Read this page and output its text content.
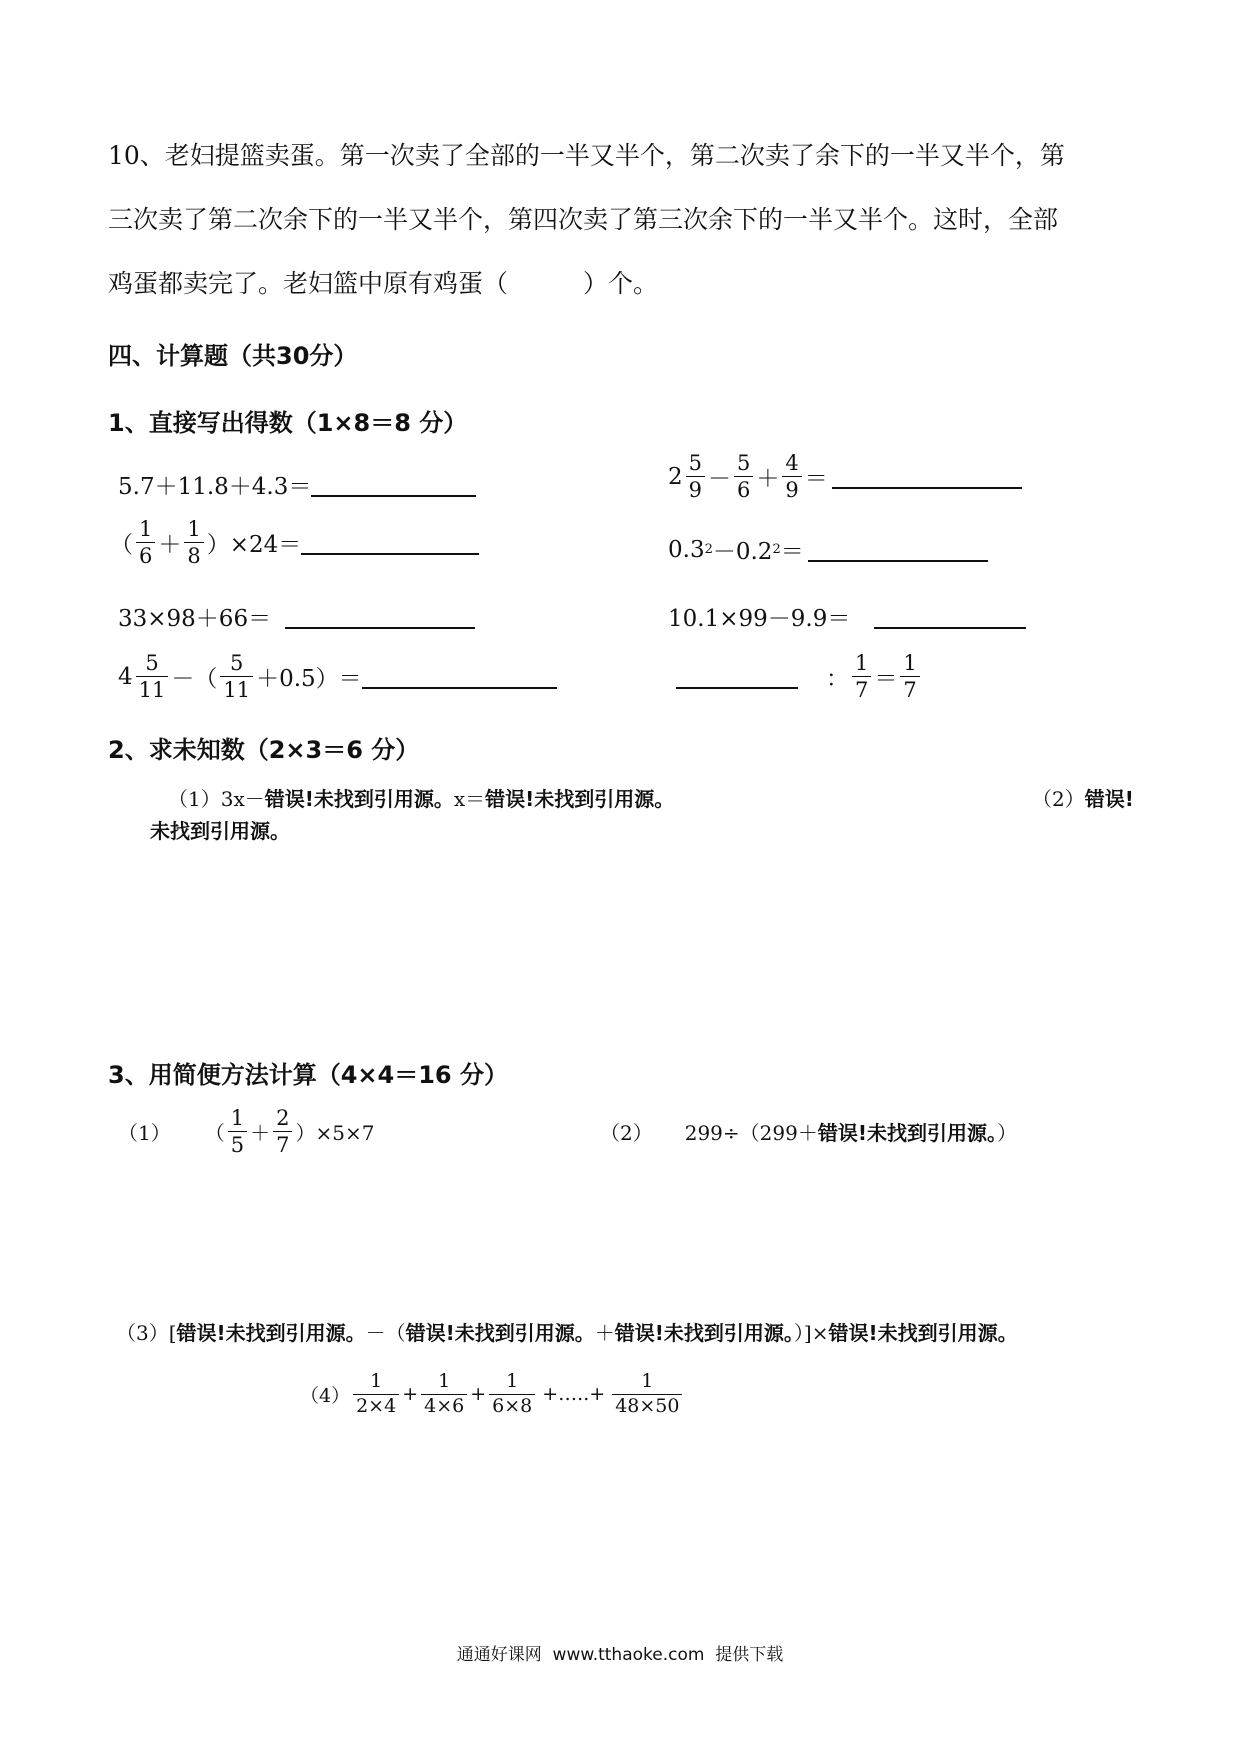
10、老妇提篮卖蛋。第一次卖了全部的一半又半个，第二次卖了余下的一半又半个，第
三次卖了第二次余下的一半又半个，第四次卖了第三次余下的一半又半个。这时，全部
鸡蛋都卖完了。老妇篮中原有鸡蛋（　　　）个。
四、计算题（共30分）
1、直接写出得数（1×8＝8 分）
5.7＋11.8＋4.3＝	$2 \frac{5}{9} - \frac{5}{6} + \frac{4}{9}$ ＝
（ $\frac{1}{6} + \frac{1}{8} )\times 24=$	0.3 2 －0.2 2 ＝
33×98＋66＝	10.1×99－9.9＝
$4 \frac{5}{11}$ －（ $\frac{5}{11} +0.5)=$	： $\frac{1}{7} = \frac{1}{7}$
2、求未知数（2×3＝6 分）
（1）3x－错误!未找到引用源。x＝错误!未找到引用源。	（2）错误!
未找到引用源。
3、用简便方法计算（4×4＝16 分）
（1） （ $\frac{1}{5} + \frac{2}{7} )\times 5\times 7$	（2） 299÷（299＋错误!未找到引用源。）
（3）[错误!未找到引用源。－（错误!未找到引用源。＋错误!未找到引用源。）]×错误!未找到引用源。
$(4) \frac{1}{2\times 4} + \frac{1}{4\times 6} + \frac{1}{6\times 8}$ +…..+ $\frac{1}{48\times 50}$
通通好课网  www.tthaoke.com  提供下载
